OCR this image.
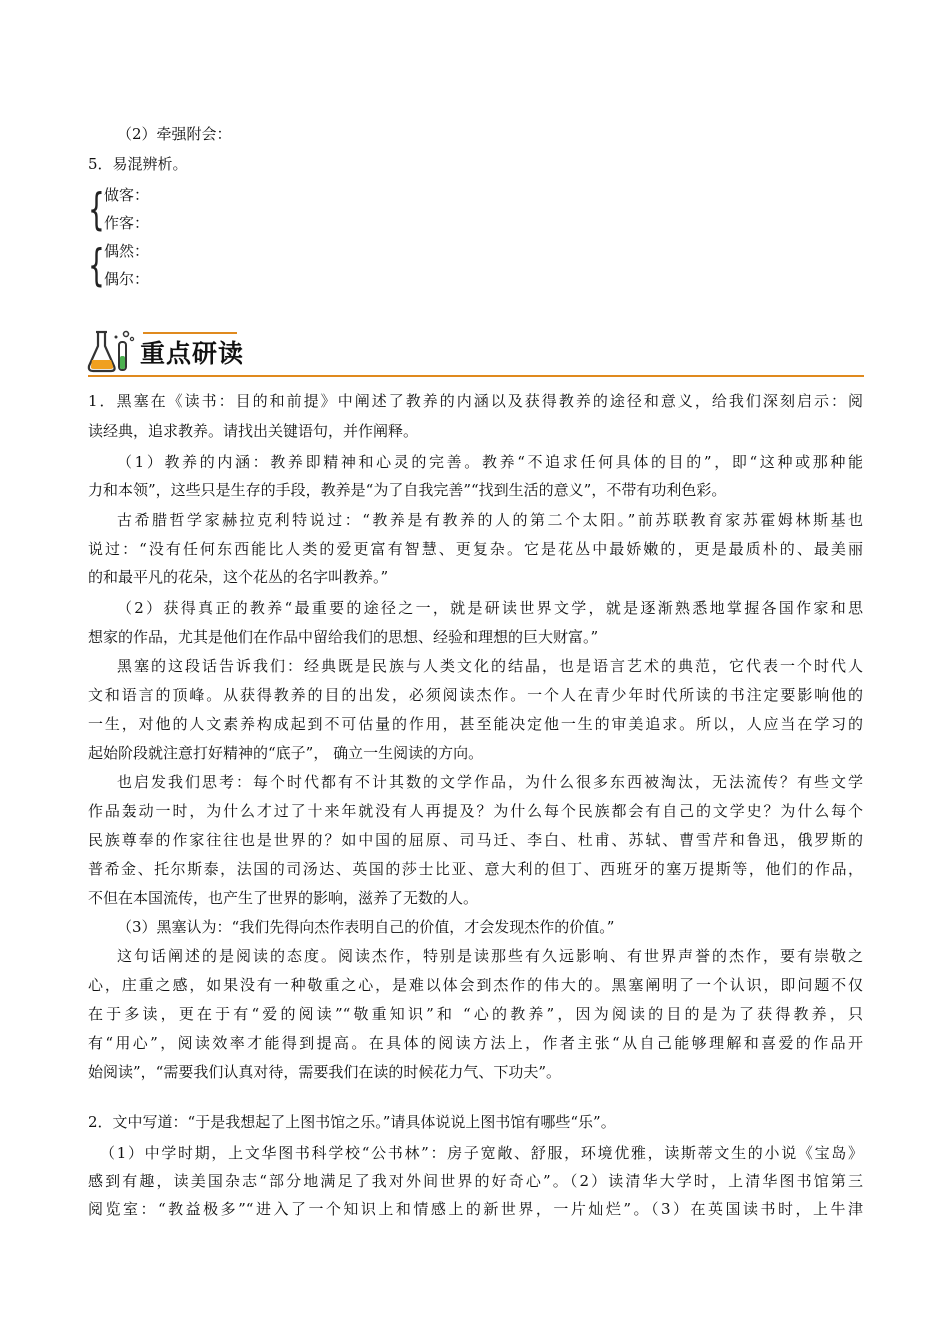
（2）牵强附会：
5．易混辨析。
{ 做客：
作客：
{ 偶然：
偶尔：
重点研读
1．黑塞在《读书：目的和前提》中阐述了教养的内涵以及获得教养的途径和意义，给我们深刻启示：阅
读经典，追求教养。请找出关键语句，并作阐释。
（1）教养的内涵：教养即精神和心灵的完善。教养“不追求任何具体的目的”，即“这种或那种能
力和本领”，这些只是生存的手段，教养是“为了自我完善”“找到生活的意义”，不带有功利色彩。
古希腊哲学家赫拉克利特说过：“教养是有教养的人的第二个太阳。”前苏联教育家苏霍姆林斯基也
说过：“没有任何东西能比人类的爱更富有智慧、更复杂。它是花丛中最娇嫩的，更是最质朴的、最美丽
的和最平凡的花朵，这个花丛的名字叫教养。”
（2）获得真正的教养“最重要的途径之一，就是研读世界文学，就是逐渐熟悉地掌握各国作家和思
想家的作品，尤其是他们在作品中留给我们的思想、经验和理想的巨大财富。”
黑塞的这段话告诉我们：经典既是民族与人类文化的结晶，也是语言艺术的典范，它代表一个时代人
文和语言的顶峰。从获得教养的目的出发，必须阅读杰作。一个人在青少年时代所读的书注定要影响他的
一生，对他的人文素养构成起到不可估量的作用，甚至能决定他一生的审美追求。所以，人应当在学习的
起始阶段就注意打好精神的“底子”， 确立一生阅读的方向。
也启发我们思考：每个时代都有不计其数的文学作品，为什么很多东西被淘汰，无法流传？有些文学
作品轰动一时，为什么才过了十来年就没有人再提及？为什么每个民族都会有自己的文学史？为什么每个
民族尊奉的作家往往也是世界的？如中国的屈原、司马迁、李白、杜甫、苏轼、曹雪芹和鲁迅，俄罗斯的
普希金、托尔斯泰，法国的司汤达、英国的莎士比亚、意大利的但丁、西班牙的塞万提斯等，他们的作品，
不但在本国流传，也产生了世界的影响，滋养了无数的人。
（3）黑塞认为：“我们先得向杰作表明自己的价值，才会发现杰作的价值。”
这句话阐述的是阅读的态度。阅读杰作，特别是读那些有久远影响、有世界声誉的杰作，要有崇敬之
心，庄重之感，如果没有一种敬重之心，是难以体会到杰作的伟大的。黑塞阐明了一个认识，即问题不仅
在于多读，更在于有“爱的阅读”“敬重知识”和 “心的教养”，因为阅读的目的是为了获得教养，只
有“用心”，阅读效率才能得到提高。在具体的阅读方法上，作者主张“从自己能够理解和喜爱的作品开
始阅读”，“需要我们认真对待，需要我们在读的时候花力气、下功夫”。
2．文中写道：“于是我想起了上图书馆之乐。”请具体说说上图书馆有哪些“乐”。
（1）中学时期，上文华图书科学校“公书林”：房子宽敞、舒服，环境优雅，读斯蒂文生的小说《宝岛》
感到有趣，读美国杂志“部分地满足了我对外间世界的好奇心”。（2）读清华大学时，上清华图书馆第三
阅览室：“教益极多”“进入了一个知识上和情感上的新世界，一片灿烂”。（3）在英国读书时，上牛津
